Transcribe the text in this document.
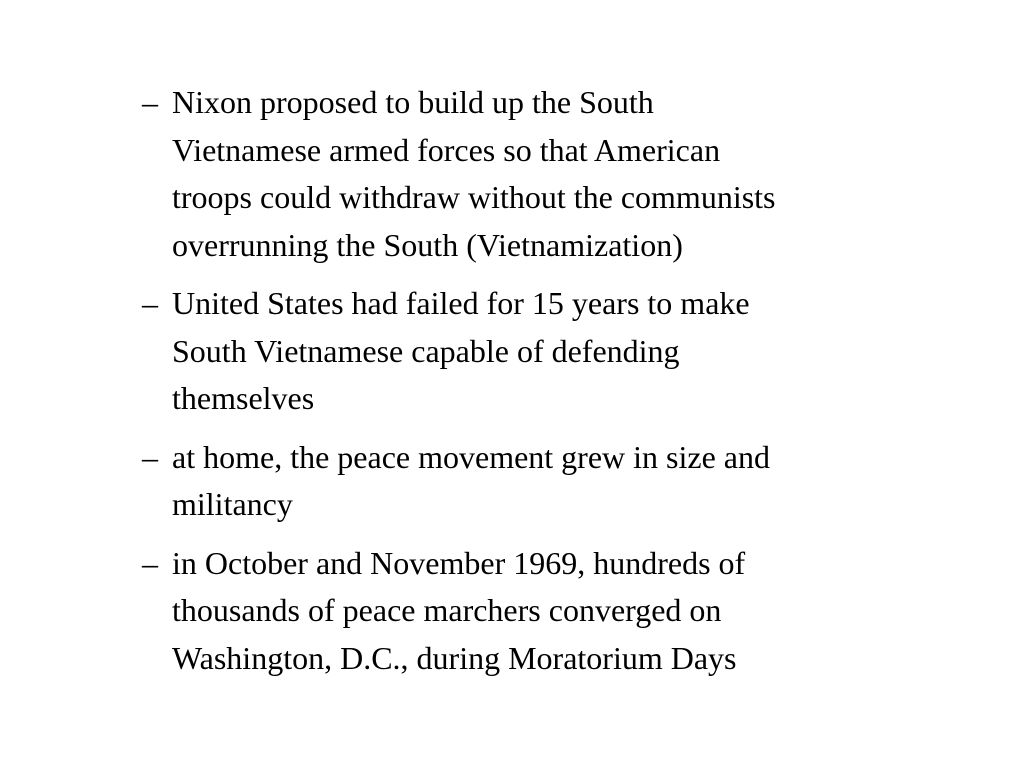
– Nixon proposed to build up the South
Vietnamese armed forces so that American
troops could withdraw without the communists
overrunning the South (Vietnamization)
– United States had failed for 15 years to make
South Vietnamese capable of defending
themselves
– at home, the peace movement grew in size and
militancy
– in October and November 1969, hundreds of
thousands of peace marchers converged on
Washington, D.C., during Moratorium Days
